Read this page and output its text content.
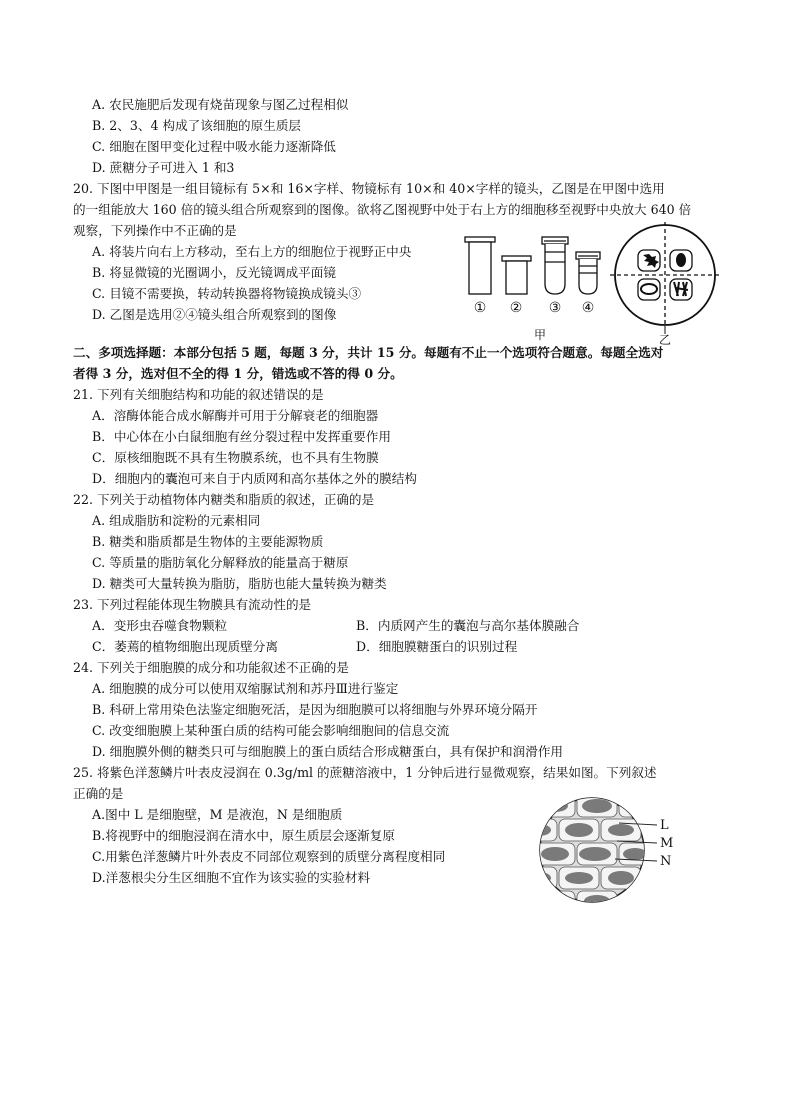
A. 农民施肥后发现有烧苗现象与图乙过程相似
B. 2、3、4 构成了该细胞的原生质层
C. 细胞在图甲变化过程中吸水能力逐渐降低
D. 蔗糖分子可进入 1 和3
20. 下图中甲图是一组目镜标有 5×和 16×字样、物镜标有 10×和 40×字样的镜头，乙图是在甲图中选用
的一组能放大 160 倍的镜头组合所观察到的图像。欲将乙图视野中处于右上方的细胞移至视野中央放大 640 倍
观察，下列操作中不正确的是
A. 将装片向右上方移动，至右上方的细胞位于视野正中央
B. 将显微镜的光圈调小，反光镜调成平面镜
C. 目镜不需要换，转动转换器将物镜换成镜头③
D. 乙图是选用②④镜头组合所观察到的图像	① ② ③ ④
甲	乙
二、多项选择题：本部分包括 5 题，每题 3 分，共计 15 分。每题有不止一个选项符合题意。每题全选对
者得 3 分，选对但不全的得 1 分，错选或不答的得 0 分。
21. 下列有关细胞结构和功能的叙述错误的是
A．溶酶体能合成水解酶并可用于分解衰老的细胞器
B．中心体在小白鼠细胞有丝分裂过程中发挥重要作用
C．原核细胞既不具有生物膜系统，也不具有生物膜
D．细胞内的囊泡可来自于内质网和高尔基体之外的膜结构
22. 下列关于动植物体内糖类和脂质的叙述，正确的是
A. 组成脂肪和淀粉的元素相同
B. 糖类和脂质都是生物体的主要能源物质
C. 等质量的脂肪氧化分解释放的能量高于糖原
D. 糖类可大量转换为脂肪，脂肪也能大量转换为糖类
23. 下列过程能体现生物膜具有流动性的是
A．变形虫吞噬食物颗粒	B．内质网产生的囊泡与高尔基体膜融合
C．萎蔫的植物细胞出现质壁分离	D．细胞膜糖蛋白的识别过程
24. 下列关于细胞膜的成分和功能叙述不正确的是
A. 细胞膜的成分可以使用双缩脲试剂和苏丹Ⅲ进行鉴定
B. 科研上常用染色法鉴定细胞死活，是因为细胞膜可以将细胞与外界环境分隔开
C. 改变细胞膜上某种蛋白质的结构可能会影响细胞间的信息交流
D. 细胞膜外侧的糖类只可与细胞膜上的蛋白质结合形成糖蛋白，具有保护和润滑作用
25. 将紫色洋葱鳞片叶表皮浸润在 0.3g/ml 的蔗糖溶液中，1 分钟后进行显微观察，结果如图。下列叙述
正确的是
A.图中 L 是细胞壁，M 是液泡，N 是细胞质
B.将视野中的细胞浸润在清水中，原生质层会逐渐复原
C.用紫色洋葱鳞片叶外表皮不同部位观察到的质壁分离程度相同
D.洋葱根尖分生区细胞不宜作为该实验的实验材料
L
M
N
